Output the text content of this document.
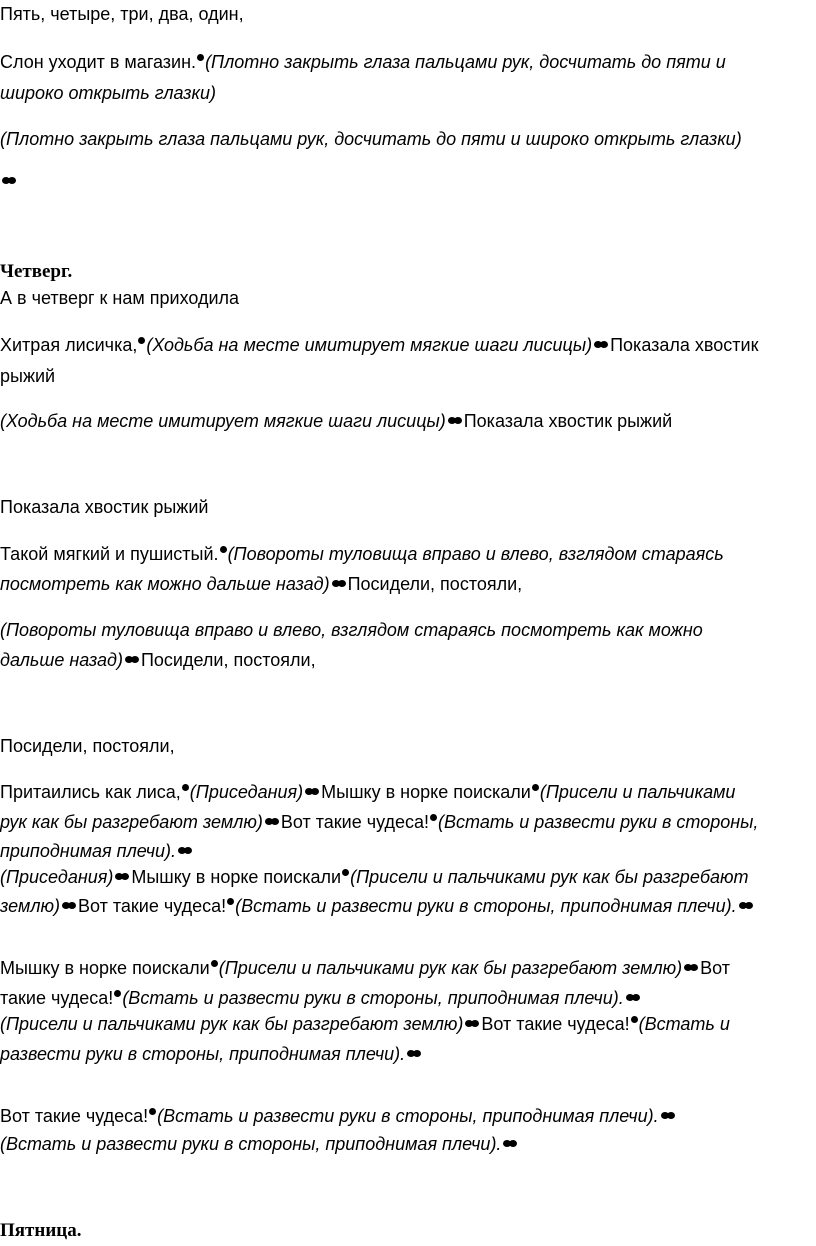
Пять, четыре, три, два, один,

Слон уходит в магазин. (Плотно закрыть глаза пальцами рук, досчитать до пяти и

широко открыть глазки)

(Плотно закрыть глаза пальцами рук, досчитать до пяти и широко открыть глазки)

Четверг.

А в четверг к нам приходила

Хитрая лисичка, (Ходьба на месте имитирует мягкие шаги лисицы) Показала хвостик

рыжий

(Ходьба на месте имитирует мягкие шаги лисицы) Показала хвостик рыжий

Показала хвостик рыжий

Такой мягкий и пушистый. (Повороты туловища вправо и влево, взглядом стараясь

посмотреть как можно дальше назад) Посидели, постояли,

(Повороты туловища вправо и влево, взглядом стараясь посмотреть как можно

дальше назад) Посидели, постояли,

Посидели, постояли,

Притаились как лиса, (Приседания) Мышку в норке поискали (Присели и пальчиками

рук как бы разгребают землю) Вот такие чудеса! (Встать и развести руки в стороны,

приподнимая плечи).

(Приседания) Мышку в норке поискали (Присели и пальчиками рук как бы разгребают

землю) Вот такие чудеса! (Встать и развести руки в стороны, приподнимая плечи).

Мышку в норке поискали (Присели и пальчиками рук как бы разгребают землю) Вот

такие чудеса! (Встать и развести руки в стороны, приподнимая плечи).

(Присели и пальчиками рук как бы разгребают землю) Вот такие чудеса! (Встать и

развести руки в стороны, приподнимая плечи).

Вот такие чудеса! (Встать и развести руки в стороны, приподнимая плечи).

(Встать и развести руки в стороны, приподнимая плечи).

Пятница.
